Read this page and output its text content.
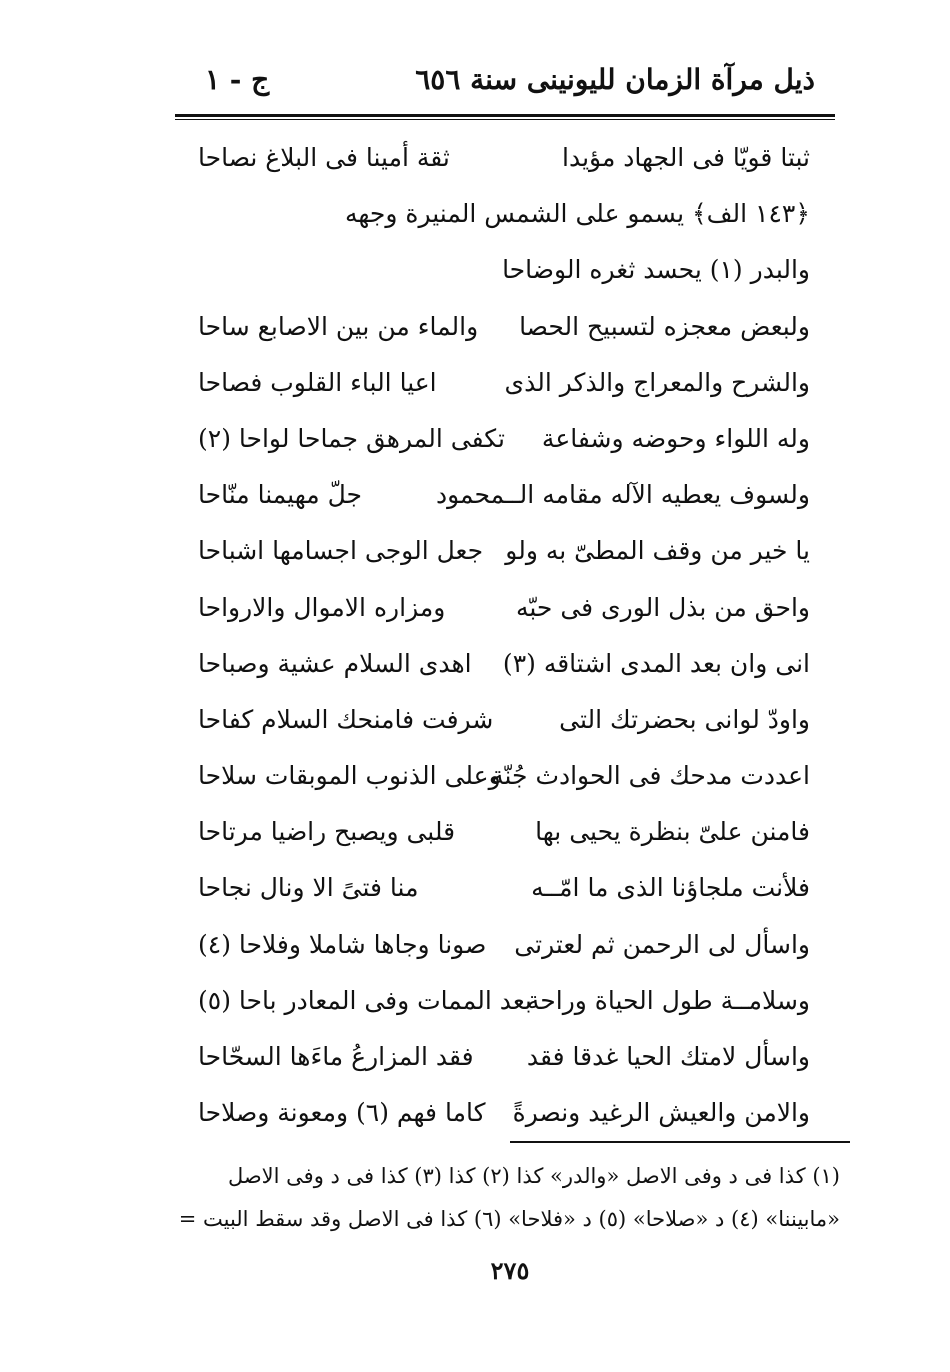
ذيل مرآة الزمان لليونينى سنة ٦٥٦
ج - ١
ثبتا قويّا فى الجهاد مؤيدا
ثقة أمينا فى البلاغ نصاحا
﴿١٤٣ الف﴾ يسمو على الشمس المنيرة وجهه
والبدر (١) يحسد ثغره الوضاحا
ولبعض معجزه لتسبيح الحصا
والماء من بين الاصابع ساحا
والشرح والمعراج والذكر الذى
اعيا الباء القلوب فصاحا
وله اللواء وحوضه وشفاعة
تكفى المرهق جماحا لواحا (٢)
ولسوف يعطيه الآله مقامه الــمحمود
جلّ مهيمنا منّاحا
يا خير من وقف المطىّ به ولو
جعل الوجى اجسامها اشباحا
واحق من بذل الورى فى حبّه
ومزاره الاموال والارواحا
انى وان بعد المدى اشتاقه (٣)
اهدى السلام عشية وصباحا
واودّ لوانى بحضرتك التى
شرفت فامنحك السلام كفاحا
اعددت مدحك فى الحوادث جُنّة
وعلى الذنوب الموبقات سلاحا
فامنن علىّ بنظرة يحيى بها
قلبى ويصبح راضيا مرتاحا
فلأنت ملجاؤنا الذى ما امّــه
منا فتىً الا ونال نجاحا
واسأل لى الرحمن ثم لعترتى
صونا وجاها شاملا وفلاحا (٤)
وسلامــة طول الحياة وراحة
بعد الممات وفى المعادر باحا (٥)
واسأل لامتك الحيا غدقا فقد
فقد المزارعُ ماءَها السحّاحا
والامن والعيش الرغيد ونصرةً
كاما فهم (٦) ومعونة وصلاحا
(١) كذا فى د وفى الاصل «والدر» كذا (٢) كذا (٣) كذا فى د وفى الاصل
«مابيننا» (٤) د «صلاحا» (٥) د «فلاحا» (٦) كذا فى الاصل وقد سقط البيت =
٢٧٥
